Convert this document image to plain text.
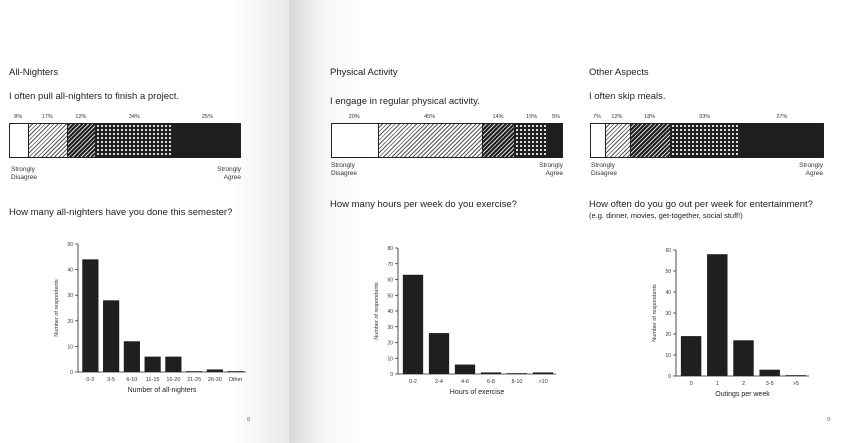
All-Nighters
I often pull all-nighters to finish a project.
8%	17%	12%	34%	25%
Strongly
Disagree
Strongly
Agree
How many all-nighters have you done this semester?
0
10
20
30
40
50
0-2 3-5 6-10 11-15 16-20 21-25 26-30 Other
Number of all-nighters
Number of respondents
8
Physical Activity
I engage in regular physical activity.
20%	45%	14%	15%	5%
Strongly
Disagree
Strongly
Agree
Other Aspects
I often skip meals.
7% 12%	18%	33%	27%
Strongly
Disagree
Strongly
Agree
How many hours per week do you exercise?	How often do you go out per week for entertainment?
(e.g. dinner, movies, get-together, social stuff!)
0
10
20
30
40
50
60
70
80
0-2	2-4	4-6	6-8	8-10	>10
Hours of exercise
Number of respondents
0
10
20
30
40
50
60
0	1	2	3-5	>5
Outings per week
Number of respondents
9
